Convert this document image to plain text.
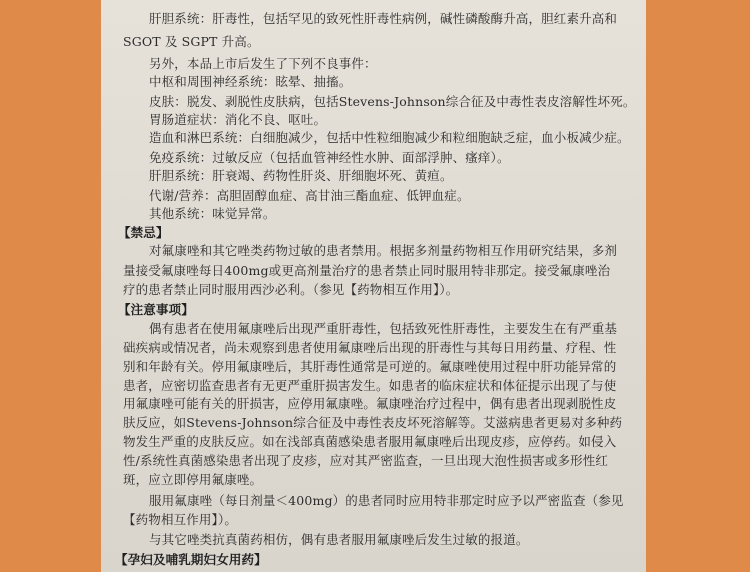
肝胆系统：肝毒性，包括罕见的致死性肝毒性病例，碱性磷酸酶升高，胆红素升高和
SGOT 及 SGPT 升高。
另外，本品上市后发生了下列不良事件：
中枢和周围神经系统：眩晕、抽搐。
皮肤：脱发、剥脱性皮肤病，包括Stevens-Johnson综合征及中毒性表皮溶解性坏死。
胃肠道症状：消化不良、呕吐。
造血和淋巴系统：白细胞减少，包括中性粒细胞减少和粒细胞缺乏症，血小板减少症。
免疫系统：过敏反应（包括血管神经性水肿、面部浮肿、瘙痒）。
肝胆系统：肝衰竭、药物性肝炎、肝细胞坏死、黄疸。
代谢/营养：高胆固醇血症、高甘油三酯血症、低钾血症。
其他系统：味觉异常。
【禁忌】
对氟康唑和其它唑类药物过敏的患者禁用。根据多剂量药物相互作用研究结果，多剂
量接受氟康唑每日400mg或更高剂量治疗的患者禁止同时服用特非那定。接受氟康唑治
疗的患者禁止同时服用西沙必利。（参见【药物相互作用】）。
【注意事项】
偶有患者在使用氟康唑后出现严重肝毒性，包括致死性肝毒性，主要发生在有严重基
础疾病或情况者，尚未观察到患者使用氟康唑后出现的肝毒性与其每日用药量、疗程、性
别和年龄有关。停用氟康唑后，其肝毒性通常是可逆的。氟康唑使用过程中肝功能异常的
患者，应密切监查患者有无更严重肝损害发生。如患者的临床症状和体征提示出现了与使
用氟康唑可能有关的肝损害，应停用氟康唑。氟康唑治疗过程中，偶有患者出现剥脱性皮
肤反应，如Stevens-Johnson综合征及中毒性表皮坏死溶解等。艾滋病患者更易对多种药
物发生严重的皮肤反应。如在浅部真菌感染患者服用氟康唑后出现皮疹，应停药。如侵入
性/系统性真菌感染患者出现了皮疹，应对其严密监查，一旦出现大泡性损害或多形性红
斑，应立即停用氟康唑。
服用氟康唑（每日剂量＜400mg）的患者同时应用特非那定时应予以严密监查（参见
【药物相互作用】）。
与其它唑类抗真菌药相仿，偶有患者服用氟康唑后发生过敏的报道。
【孕妇及哺乳期妇女用药】
